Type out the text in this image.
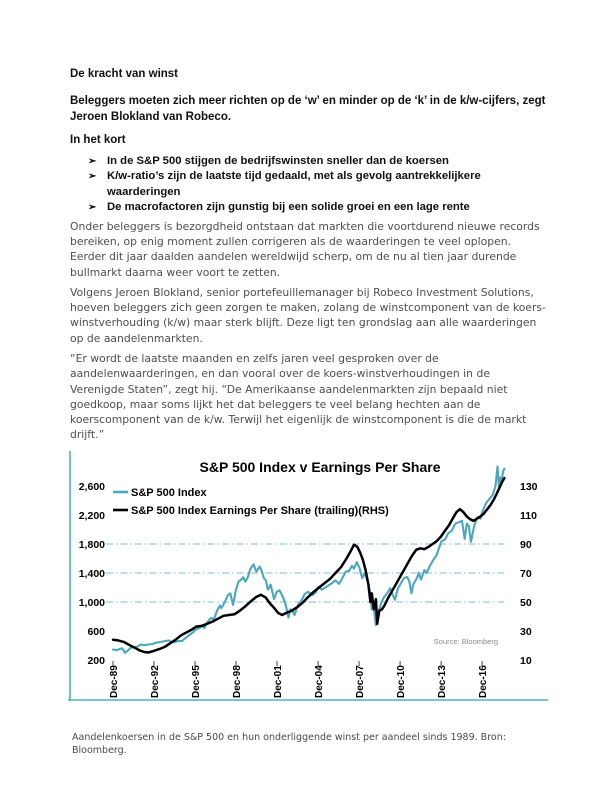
De kracht van winst

Beleggers moeten zich meer richten op de ‘w’ en minder op de ‘k’ in de k/w-cijfers, zegt Jeroen Blokland van Robeco.

In het kort
➢ In de S&P 500 stijgen de bedrijfswinsten sneller dan de koersen
➢ K/w-ratio’s zijn de laatste tijd gedaald, met als gevolg aantrekkelijkere waarderingen
➢ De macrofactoren zijn gunstig bij een solide groei en een lage rente

Onder beleggers is bezorgdheid ontstaan dat markten die voortdurend nieuwe records bereiken, op enig moment zullen corrigeren als de waarderingen te veel oplopen. Eerder dit jaar daalden aandelen wereldwijd scherp, om de nu al tien jaar durende bullmarkt daarna weer voort te zetten.

Volgens Jeroen Blokland, senior portefeuillemanager bij Robeco Investment Solutions, hoeven beleggers zich geen zorgen te maken, zolang de winstcomponent van de koers-winstverhouding (k/w) maar sterk blijft. Deze ligt ten grondslag aan alle waarderingen op de aandelenmarkten.

“Er wordt de laatste maanden en zelfs jaren veel gesproken over de aandelenwaarderingen, en dan vooral over de koers-winstverhoudingen in de Verenigde Staten”, zegt hij. “De Amerikaanse aandelenmarkten zijn bepaald niet goedkoop, maar soms lijkt het dat beleggers te veel belang hechten aan de koerscomponent van de k/w. Terwijl het eigenlijk de winstcomponent is die de markt drijft.”

S&P 500 Index v Earnings Per Share
S&P 500 Index
S&P 500 Index Earnings Per Share (trailing)(RHS)
2,600
2,200
1,800
1,400
1,000
600
200
130
110
90
70
50
30
10
Dec-89	Dec-92	Dec-95	Dec-98	Dec-01	Dec-04	Dec-07	Dec-10	Dec-13	Dec-16
Source: Bloomberg

Aandelenkoersen in de S&P 500 en hun onderliggende winst per aandeel sinds 1989. Bron: Bloomberg.
